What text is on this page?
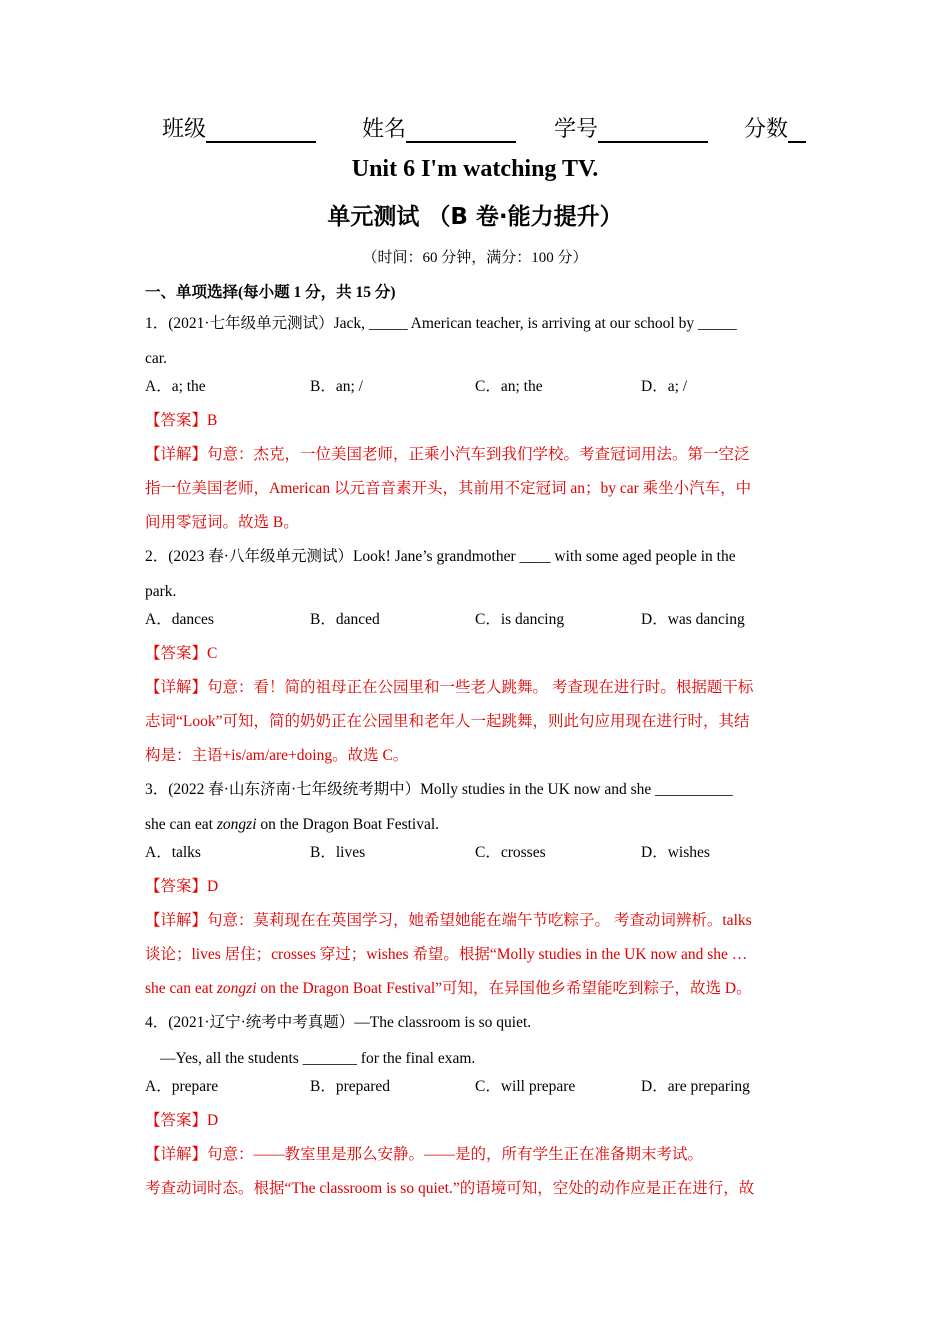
班级	姓名	学号	分数
Unit 6 I'm watching TV.
单元测试 （B 卷·能力提升）
（时间：60 分钟，满分：100 分）
一、单项选择(每小题 1 分，共 15 分)
1．(2021·七年级单元测试）Jack, _____ American teacher, is arriving at our school by _____
car.
A．a; the	B．an; /	C．an; the	D．a; /
【答案】B
【详解】句意：杰克，一位美国老师，正乘小汽车到我们学校。考查冠词用法。第一空泛
指一位美国老师，American 以元音音素开头，其前用不定冠词 an；by car 乘坐小汽车，中
间用零冠词。故选 B。
2．(2023 春·八年级单元测试）Look! Jane’s grandmother ____ with some aged people in the
park.
A．dances	B．danced	C．is dancing	D．was dancing
【答案】C
【详解】句意：看！简的祖母正在公园里和一些老人跳舞。 考查现在进行时。根据题干标
志词“Look”可知，简的奶奶正在公园里和老年人一起跳舞，则此句应用现在进行时，其结
构是：主语+is/am/are+doing。故选 C。
3．(2022 春·山东济南·七年级统考期中）Molly studies in the UK now and she __________
she can eat zongzi on the Dragon Boat Festival.
A．talks	B．lives	C．crosses	D．wishes
【答案】D
【详解】句意：莫莉现在在英国学习，她希望她能在端午节吃粽子。 考查动词辨析。talks
谈论；lives 居住；crosses 穿过；wishes 希望。根据“Molly studies in the UK now and she …
she can eat zongzi on the Dragon Boat Festival”可知，在异国他乡希望能吃到粽子，故选 D。
4．(2021·辽宁·统考中考真题）—The classroom is so quiet.
—Yes, all the students _______ for the final exam.
A．prepare	B．prepared	C．will prepare	D．are preparing
【答案】D
【详解】句意：——教室里是那么安静。——是的，所有学生正在准备期末考试。
考查动词时态。根据“The classroom is so quiet.”的语境可知，空处的动作应是正在进行，故
